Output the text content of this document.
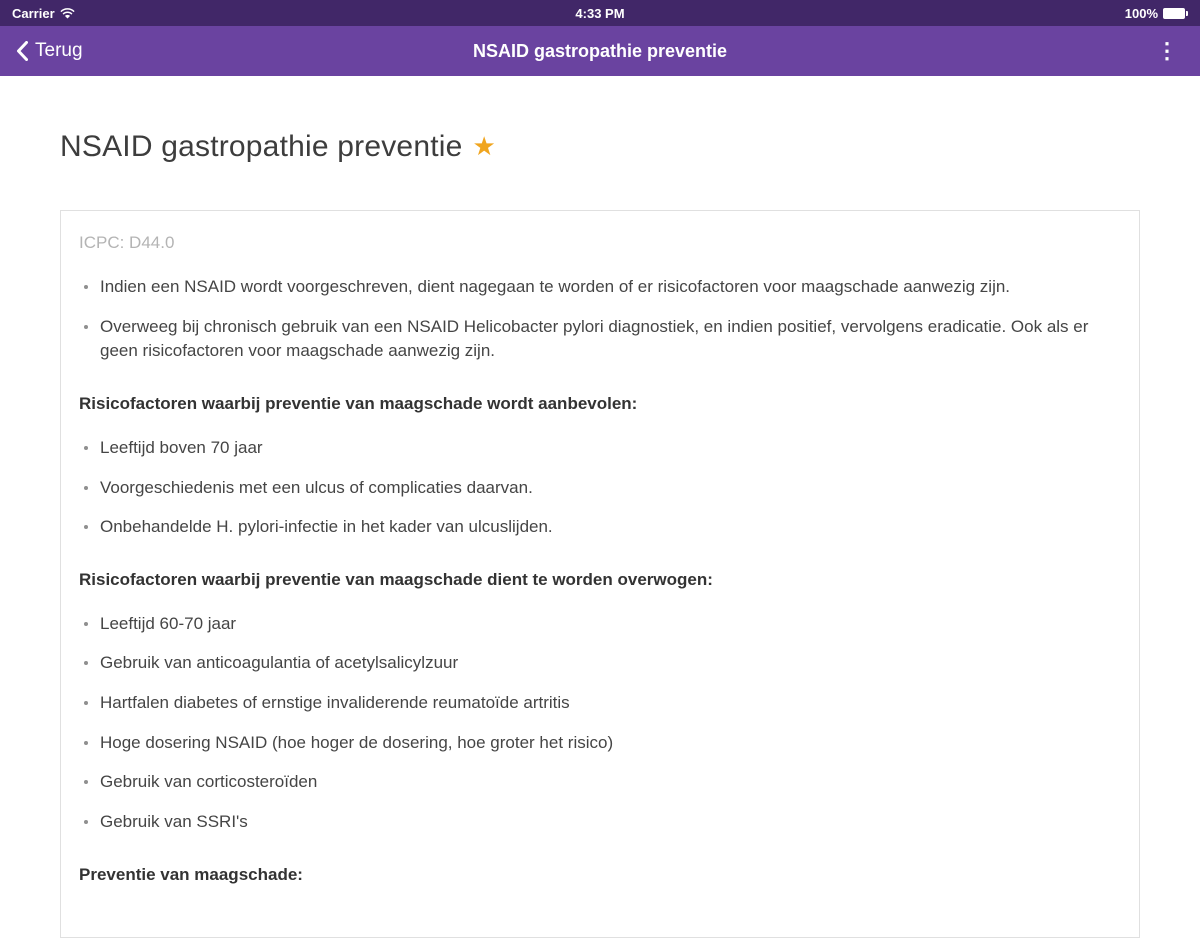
Carrier	4:33 PM	100%
NSAID gastropathie preventie
Terug	⋮
NSAID gastropathie preventie ★
ICPC: D44.0
Indien een NSAID wordt voorgeschreven, dient nagegaan te worden of er risicofactoren voor maagschade aanwezig zijn.
Overweeg bij chronisch gebruik van een NSAID Helicobacter pylori diagnostiek, en indien positief, vervolgens eradicatie. Ook als er geen risicofactoren voor maagschade aanwezig zijn.
Risicofactoren waarbij preventie van maagschade wordt aanbevolen:
Leeftijd boven 70 jaar
Voorgeschiedenis met een ulcus of complicaties daarvan.
Onbehandelde H. pylori-infectie in het kader van ulcuslijden.
Risicofactoren waarbij preventie van maagschade dient te worden overwogen:
Leeftijd 60-70 jaar
Gebruik van anticoagulantia of acetylsalicylzuur
Hartfalen diabetes of ernstige invaliderende reumatoïde artritis
Hoge dosering NSAID (hoe hoger de dosering, hoe groter het risico)
Gebruik van corticosteroïden
Gebruik van SSRI's
Preventie van maagschade:
